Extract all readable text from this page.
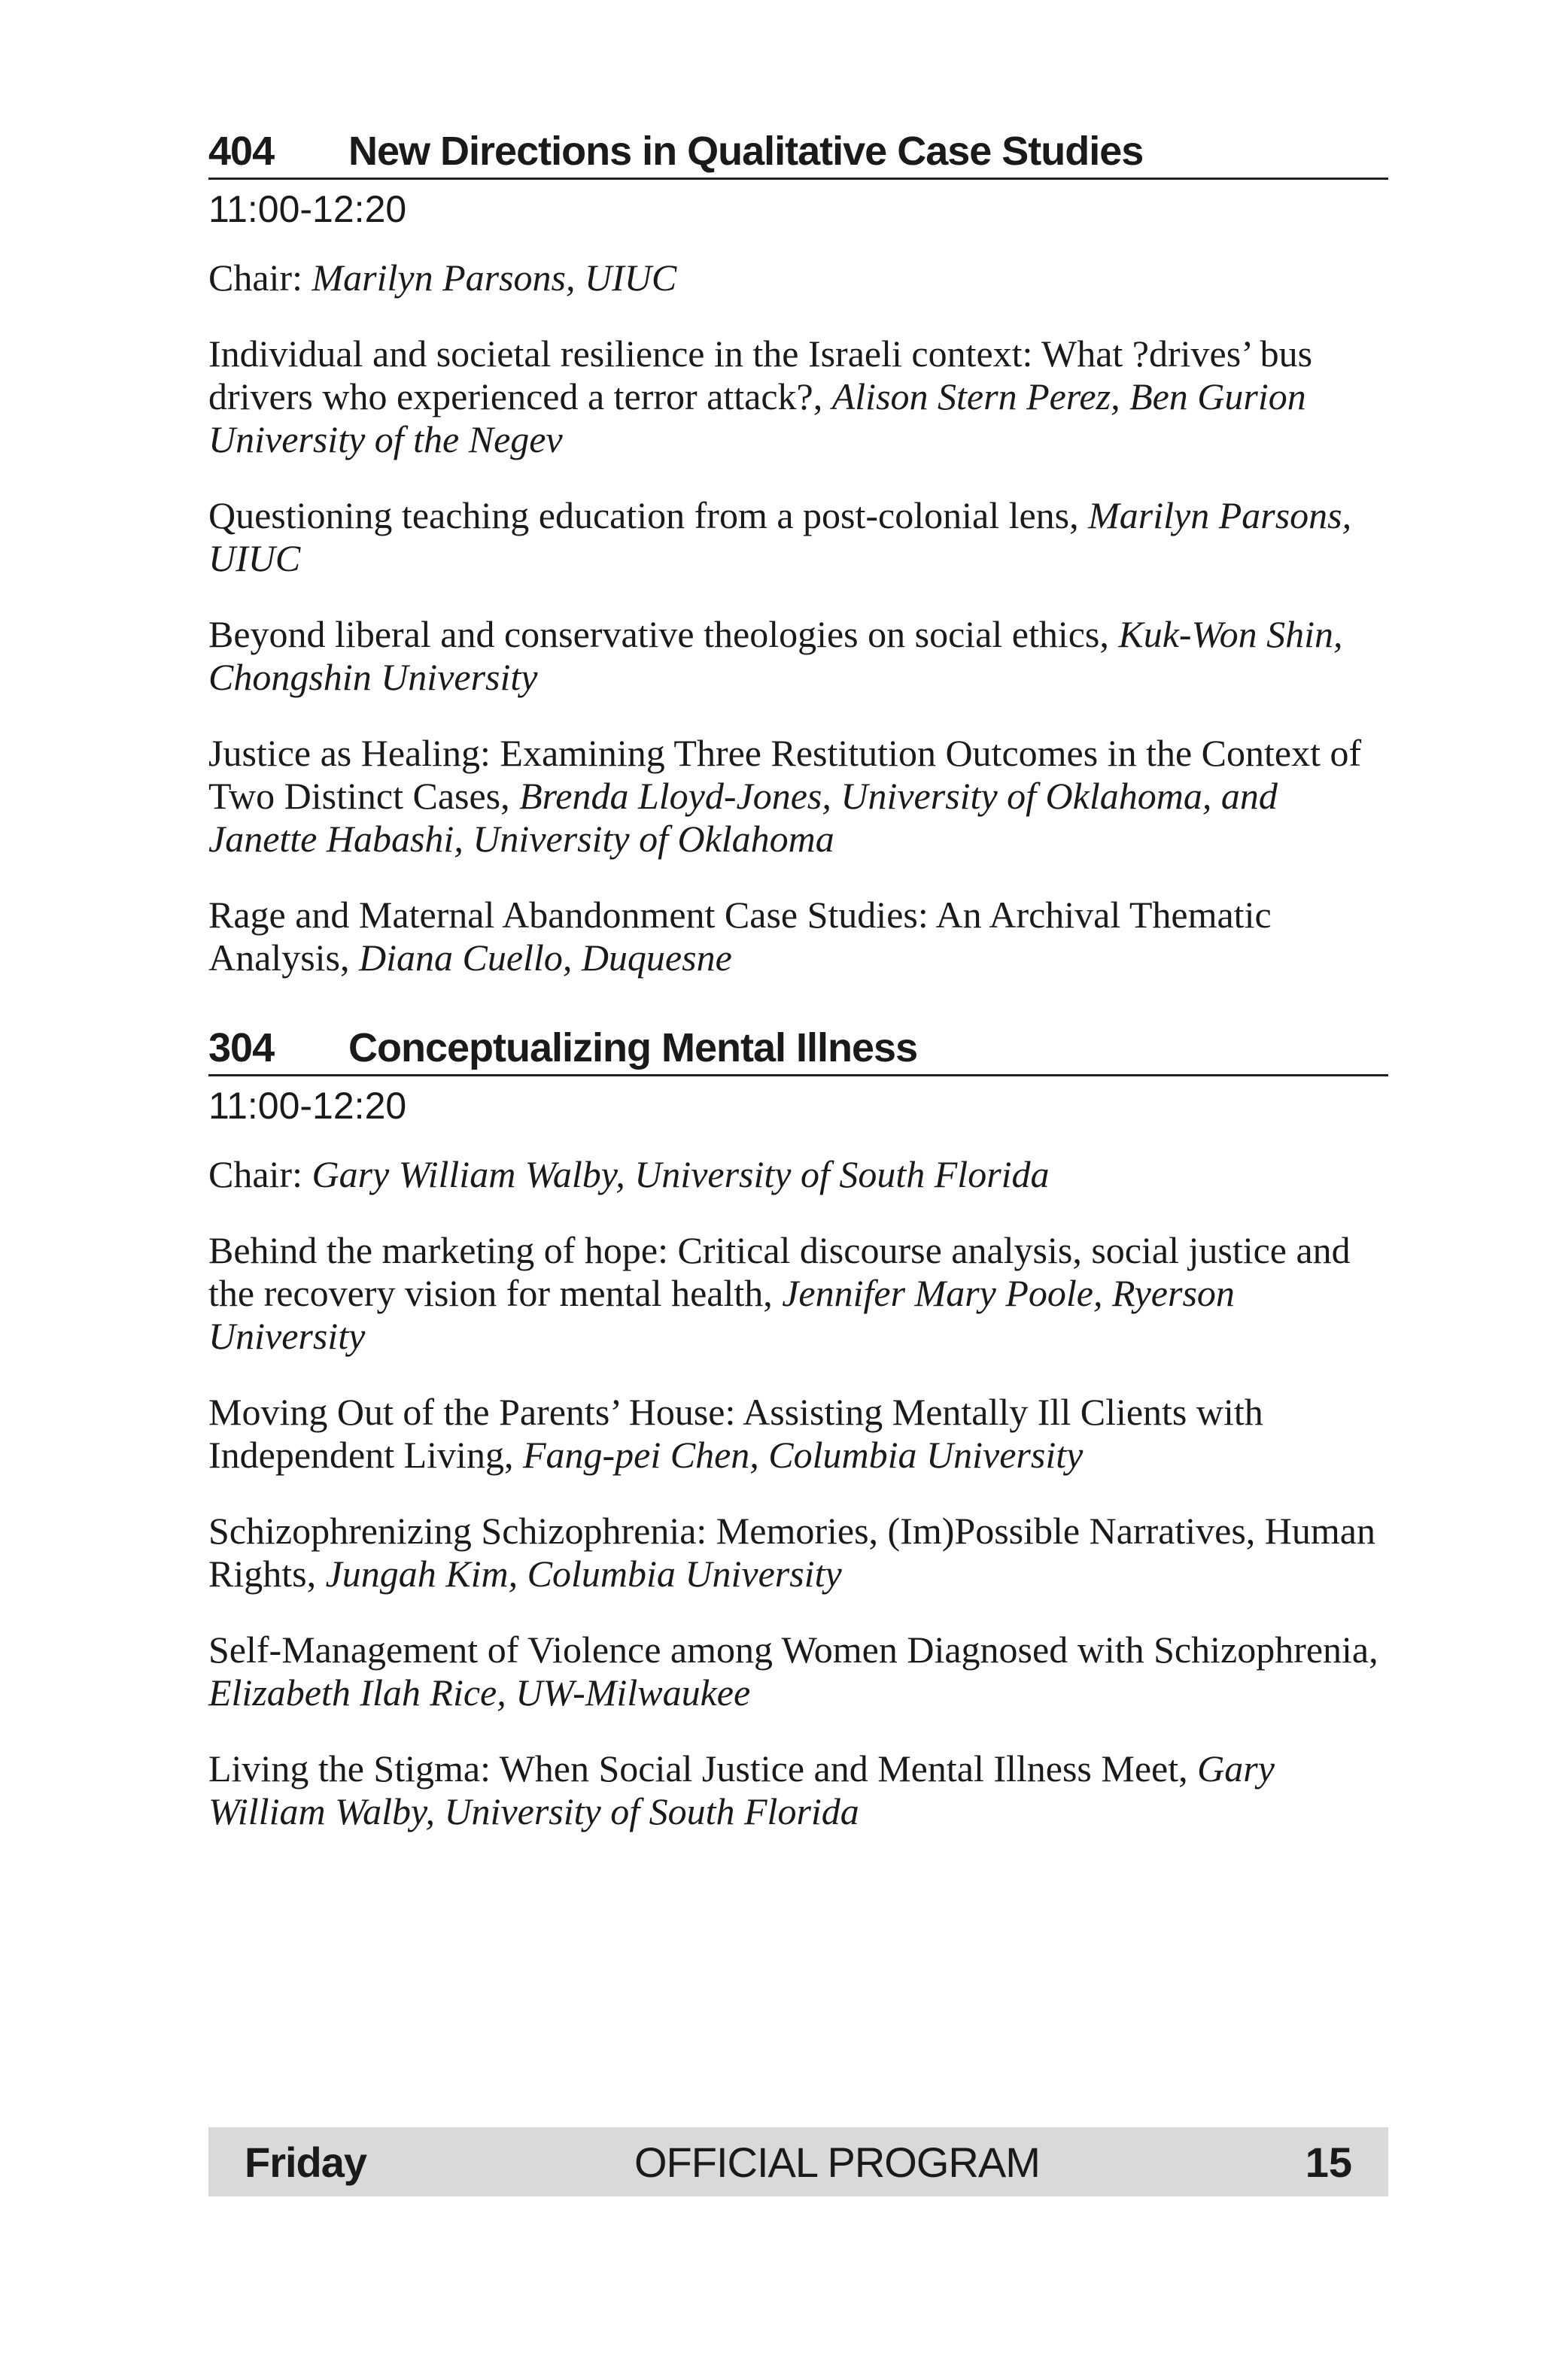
404	New Directions in Qualitative Case Studies
11:00-12:20

Chair: Marilyn Parsons, UIUC

Individual and societal resilience in the Israeli context: What ?drives’ bus drivers who experienced a terror attack?, Alison Stern Perez, Ben Gurion University of the Negev

Questioning teaching education from a post-colonial lens, Marilyn Parsons, UIUC

Beyond liberal and conservative theologies on social ethics, Kuk-Won Shin, Chongshin University

Justice as Healing: Examining Three Restitution Outcomes in the Context of Two Distinct Cases, Brenda Lloyd-Jones, University of Oklahoma, and Janette Habashi, University of Oklahoma

Rage and Maternal Abandonment Case Studies: An Archival Thematic Analysis, Diana Cuello, Duquesne

304	Conceptualizing Mental Illness
11:00-12:20

Chair: Gary William Walby, University of South Florida

Behind the marketing of hope: Critical discourse analysis, social justice and the recovery vision for mental health, Jennifer Mary Poole, Ryerson University

Moving Out of the Parents’ House: Assisting Mentally Ill Clients with Independent Living, Fang-pei Chen, Columbia University

Schizophrenizing Schizophrenia: Memories, (Im)Possible Narratives, Human Rights, Jungah Kim, Columbia University

Self-Management of Violence among Women Diagnosed with Schizophrenia, Elizabeth Ilah Rice, UW-Milwaukee

Living the Stigma: When Social Justice and Mental Illness Meet, Gary William Walby, University of South Florida

Friday	OFFICIAL PROGRAM	15
